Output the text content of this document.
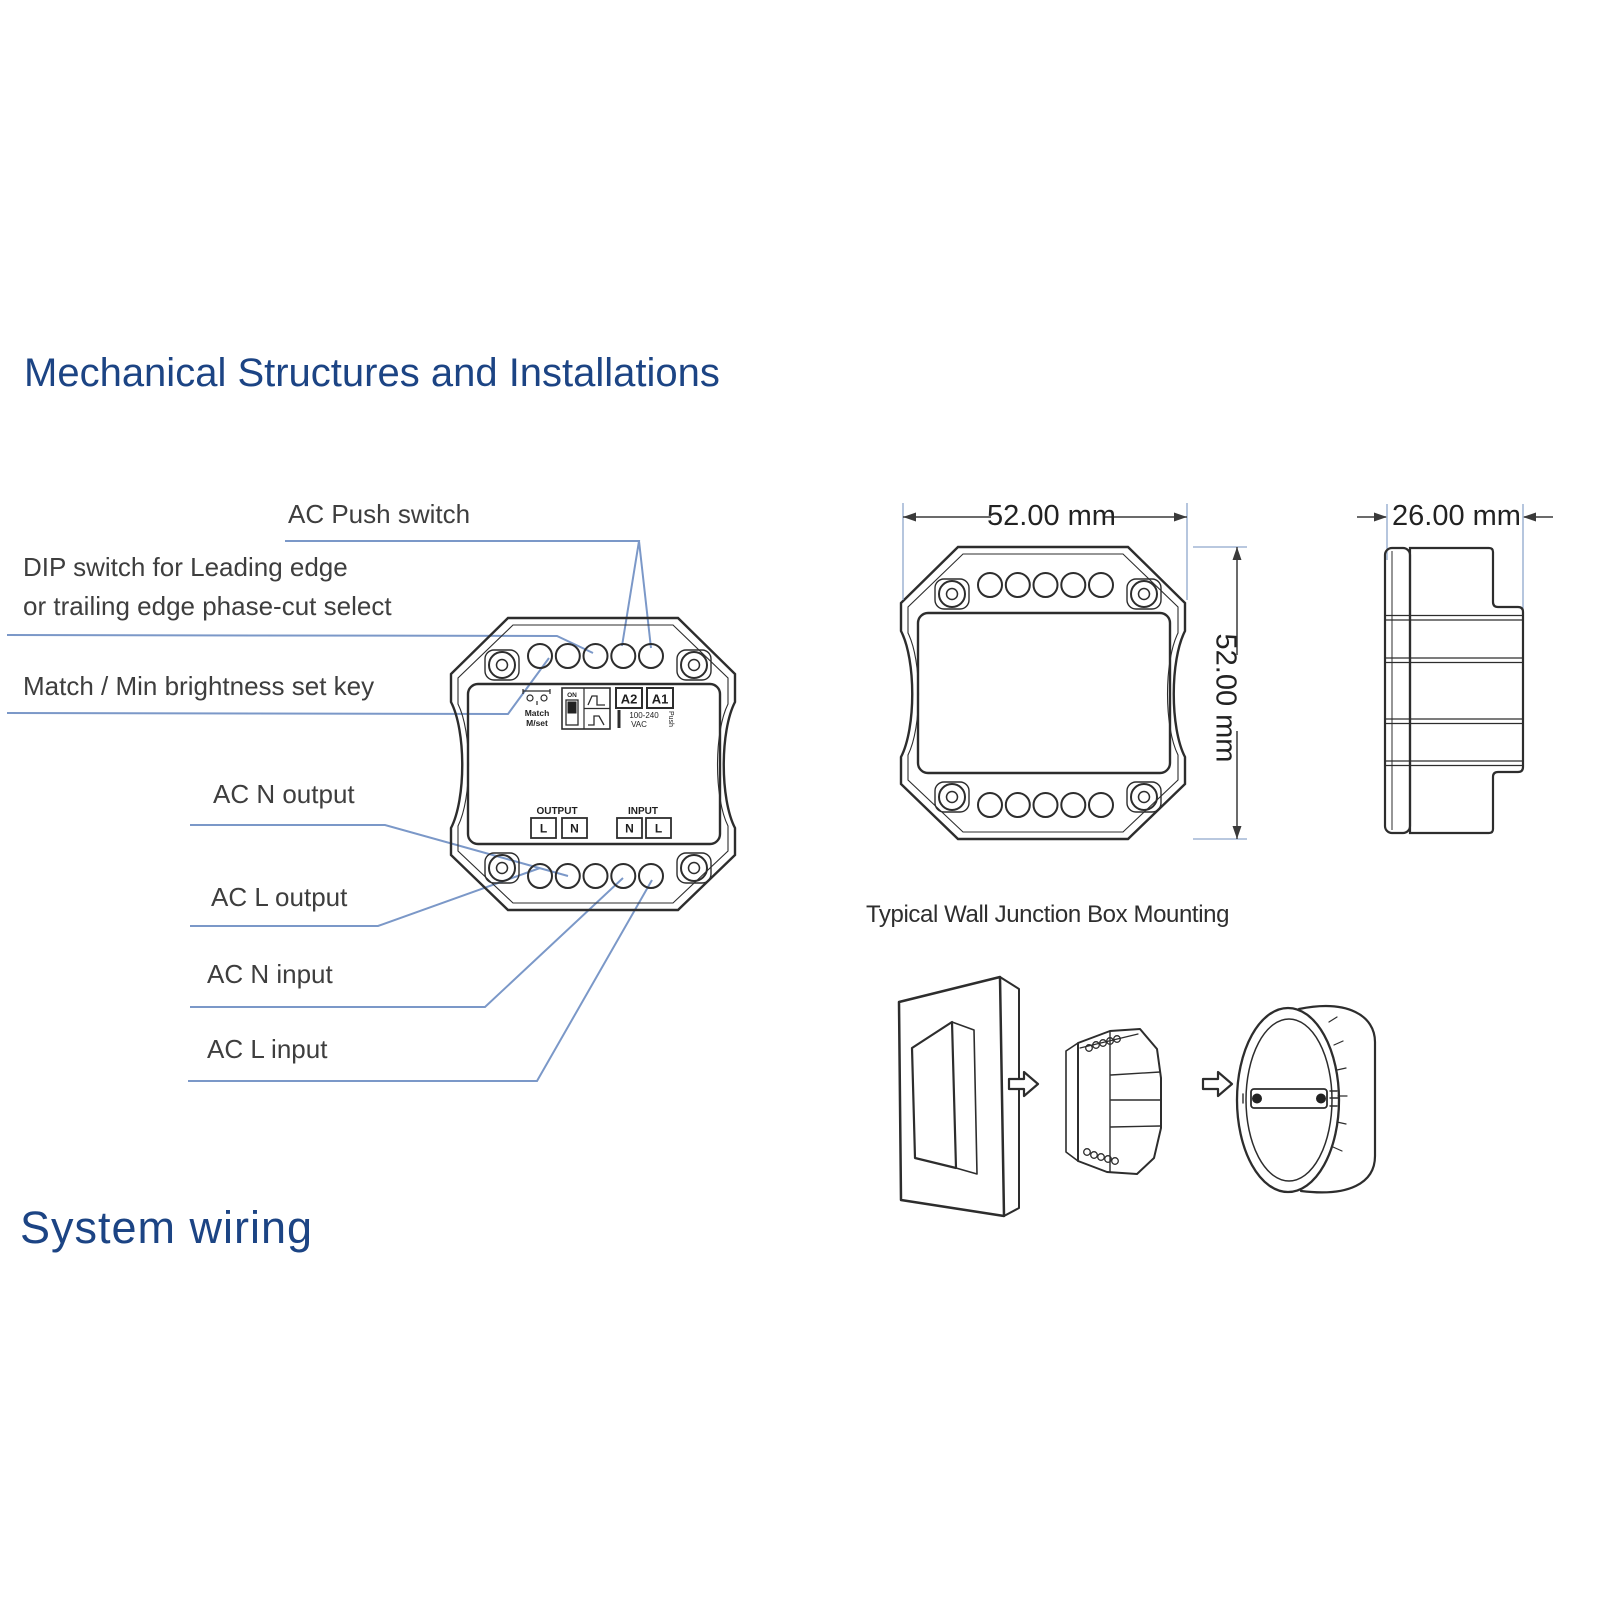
Match
M/set
ON	A2 A1
100-240
VAC	Push
OUTPUT	INPUT
L N	N L
Mechanical Structures and Installations
Typical Wall Junction Box Mounting
System wiring
AC Push switch
DIP switch for Leading edge
or trailing edge phase-cut select
Match / Min brightness set key
AC N output
AC L output
AC N input
AC L input
52.00 mm
52.00 mm
26.00 mm
